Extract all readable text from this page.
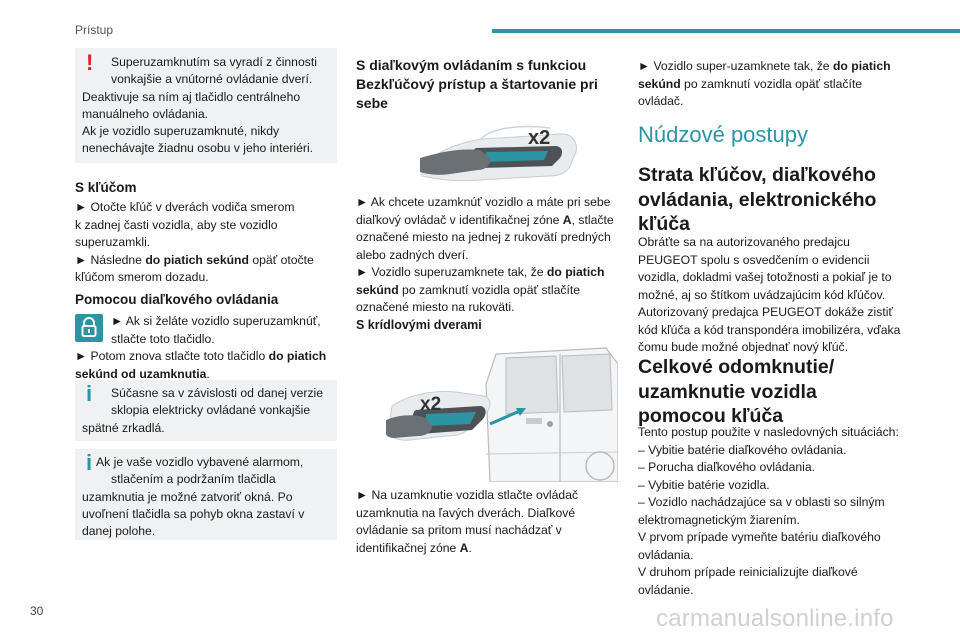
Prístup
!	Superuzamknutím sa vyradí z činnosti

vonkajšie a vnútorné ovládanie dverí.

Deaktivuje sa ním aj tlačidlo centrálneho

manuálneho ovládania.

Ak je vozidlo superuzamknuté, nikdy

nenechávajte žiadnu osobu v jeho interiéri.

S kľúčom

► Otočte kľúč v dverách vodiča smerom

k zadnej časti vozidla, aby ste vozidlo

superuzamkli.

► Následne do piatich sekúnd opäť otočte

kľúčom smerom dozadu.

Pomocou diaľkového ovládania

► Ak si želáte vozidlo superuzamknúť,

stlačte toto tlačidlo.

► Potom znova stlačte toto tlačidlo do piatich

sekúnd od uzamknutia.

i	Súčasne sa v závislosti od danej verzie

sklopia elektricky ovládané vonkajšie

spätné zrkadlá.

i Ak je vaše vozidlo vybavené alarmom,

stlačením a podržaním tlačidla

uzamknutia je možné zatvoriť okná. Po

uvoľnení tlačidla sa pohyb okna zastaví v

danej polohe.

S diaľkovým ovládaním s funkciou
Bezkľúčový prístup a štartovanie pri
sebe
x2

► Ak chcete uzamknúť vozidlo a máte pri sebe

diaľkový ovládač v identifikačnej zóne A, stlačte

označené miesto na jednej z rukovätí predných

alebo zadných dverí.

► Vozidlo superuzamknete tak, že do piatich

sekúnd po zamknutí vozidla opäť stlačíte

označené miesto na rukoväti.

S krídlovými dverami
x2

► Na uzamknutie vozidla stlačte ovládač

uzamknutia na ľavých dverách. Diaľkové

ovládanie sa pritom musí nachádzať v

identifikačnej zóne A.

► Vozidlo super-uzamknete tak, že do piatich

sekúnd po zamknutí vozidla opäť stlačíte

ovládač.

Núdzové postupy
Strata kľúčov, diaľkového
ovládania, elektronického
kľúča

Obráťte sa na autorizovaného predajcu

PEUGEOT spolu s osvedčením o evidencii

vozidla, dokladmi vašej totožnosti a pokiaľ je to

možné, aj so štítkom uvádzajúcim kód kľúčov.

Autorizovaný predajca PEUGEOT dokáže zistiť

kód kľúča a kód transpondéra imobilizéra, vďaka

čomu bude možné objednať nový kľúč.

Celkové odomknutie/
uzamknutie vozidla
pomocou kľúča

Tento postup použite v nasledovných situáciách:

– Vybitie batérie diaľkového ovládania.

– Porucha diaľkového ovládania.

– Vybitie batérie vozidla.

– Vozidlo nachádzajúce sa v oblasti so silným

elektromagnetickým žiarením.

V prvom prípade vymeňte batériu diaľkového

ovládania.

V druhom prípade reinicializujte diaľkové

ovládanie.

30	carmanualsonline.info
